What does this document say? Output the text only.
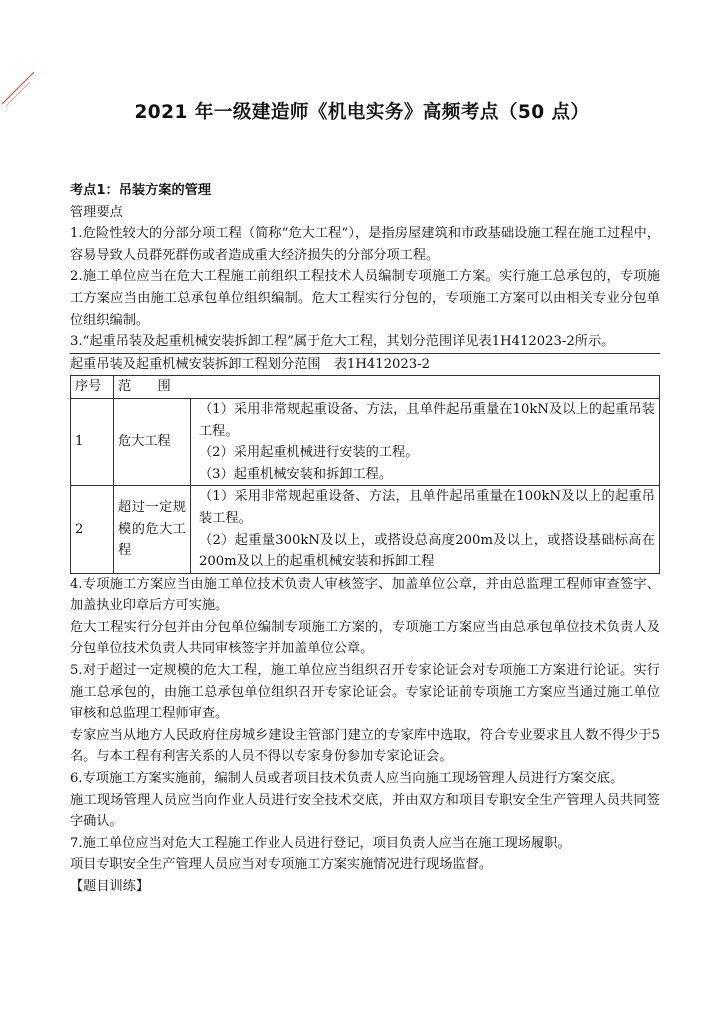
2021 年一级建造师《机电实务》高频考点（50 点）

考点1：吊装方案的管理

管理要点

1.危险性较大的分部分项工程（简称“危大工程”），是指房屋建筑和市政基础设施工程在施工过程中，容易导致人员群死群伤或者造成重大经济损失的分部分项工程。

2.施工单位应当在危大工程施工前组织工程技术人员编制专项施工方案。实行施工总承包的，专项施工方案应当由施工总承包单位组织编制。危大工程实行分包的，专项施工方案可以由相关专业分包单位组织编制。

3.“起重吊装及起重机械安装拆卸工程”属于危大工程，其划分范围详见表1H412023-2所示。

起重吊装及起重机械安装拆卸工程划分范围　表1H412023-2

序号	范　　围	
1	危大工程	（1）采用非常规起重设备、方法，且单件起吊重量在10kN及以上的起重吊装工程。
（2）采用起重机械进行安装的工程。
（3）起重机械安装和拆卸工程。

2	超过一定规模的危大工程	（1）采用非常规起重设备、方法，且单件起吊重量在100kN及以上的起重吊装工程。
（2）起重量300kN及以上，或搭设总高度200m及以上，或搭设基础标高在200m及以上的起重机械安装和拆卸工程

4.专项施工方案应当由施工单位技术负责人审核签字、加盖单位公章，并由总监理工程师审查签字、加盖执业印章后方可实施。

危大工程实行分包并由分包单位编制专项施工方案的，专项施工方案应当由总承包单位技术负责人及分包单位技术负责人共同审核签字并加盖单位公章。

5.对于超过一定规模的危大工程，施工单位应当组织召开专家论证会对专项施工方案进行论证。实行施工总承包的，由施工总承包单位组织召开专家论证会。专家论证前专项施工方案应当通过施工单位审核和总监理工程师审查。

专家应当从地方人民政府住房城乡建设主管部门建立的专家库中选取，符合专业要求且人数不得少于5名。与本工程有利害关系的人员不得以专家身份参加专家论证会。

6.专项施工方案实施前，编制人员或者项目技术负责人应当向施工现场管理人员进行方案交底。

施工现场管理人员应当向作业人员进行安全技术交底，并由双方和项目专职安全生产管理人员共同签字确认。

7.施工单位应当对危大工程施工作业人员进行登记，项目负责人应当在施工现场履职。

项目专职安全生产管理人员应当对专项施工方案实施情况进行现场监督。

【题目训练】
